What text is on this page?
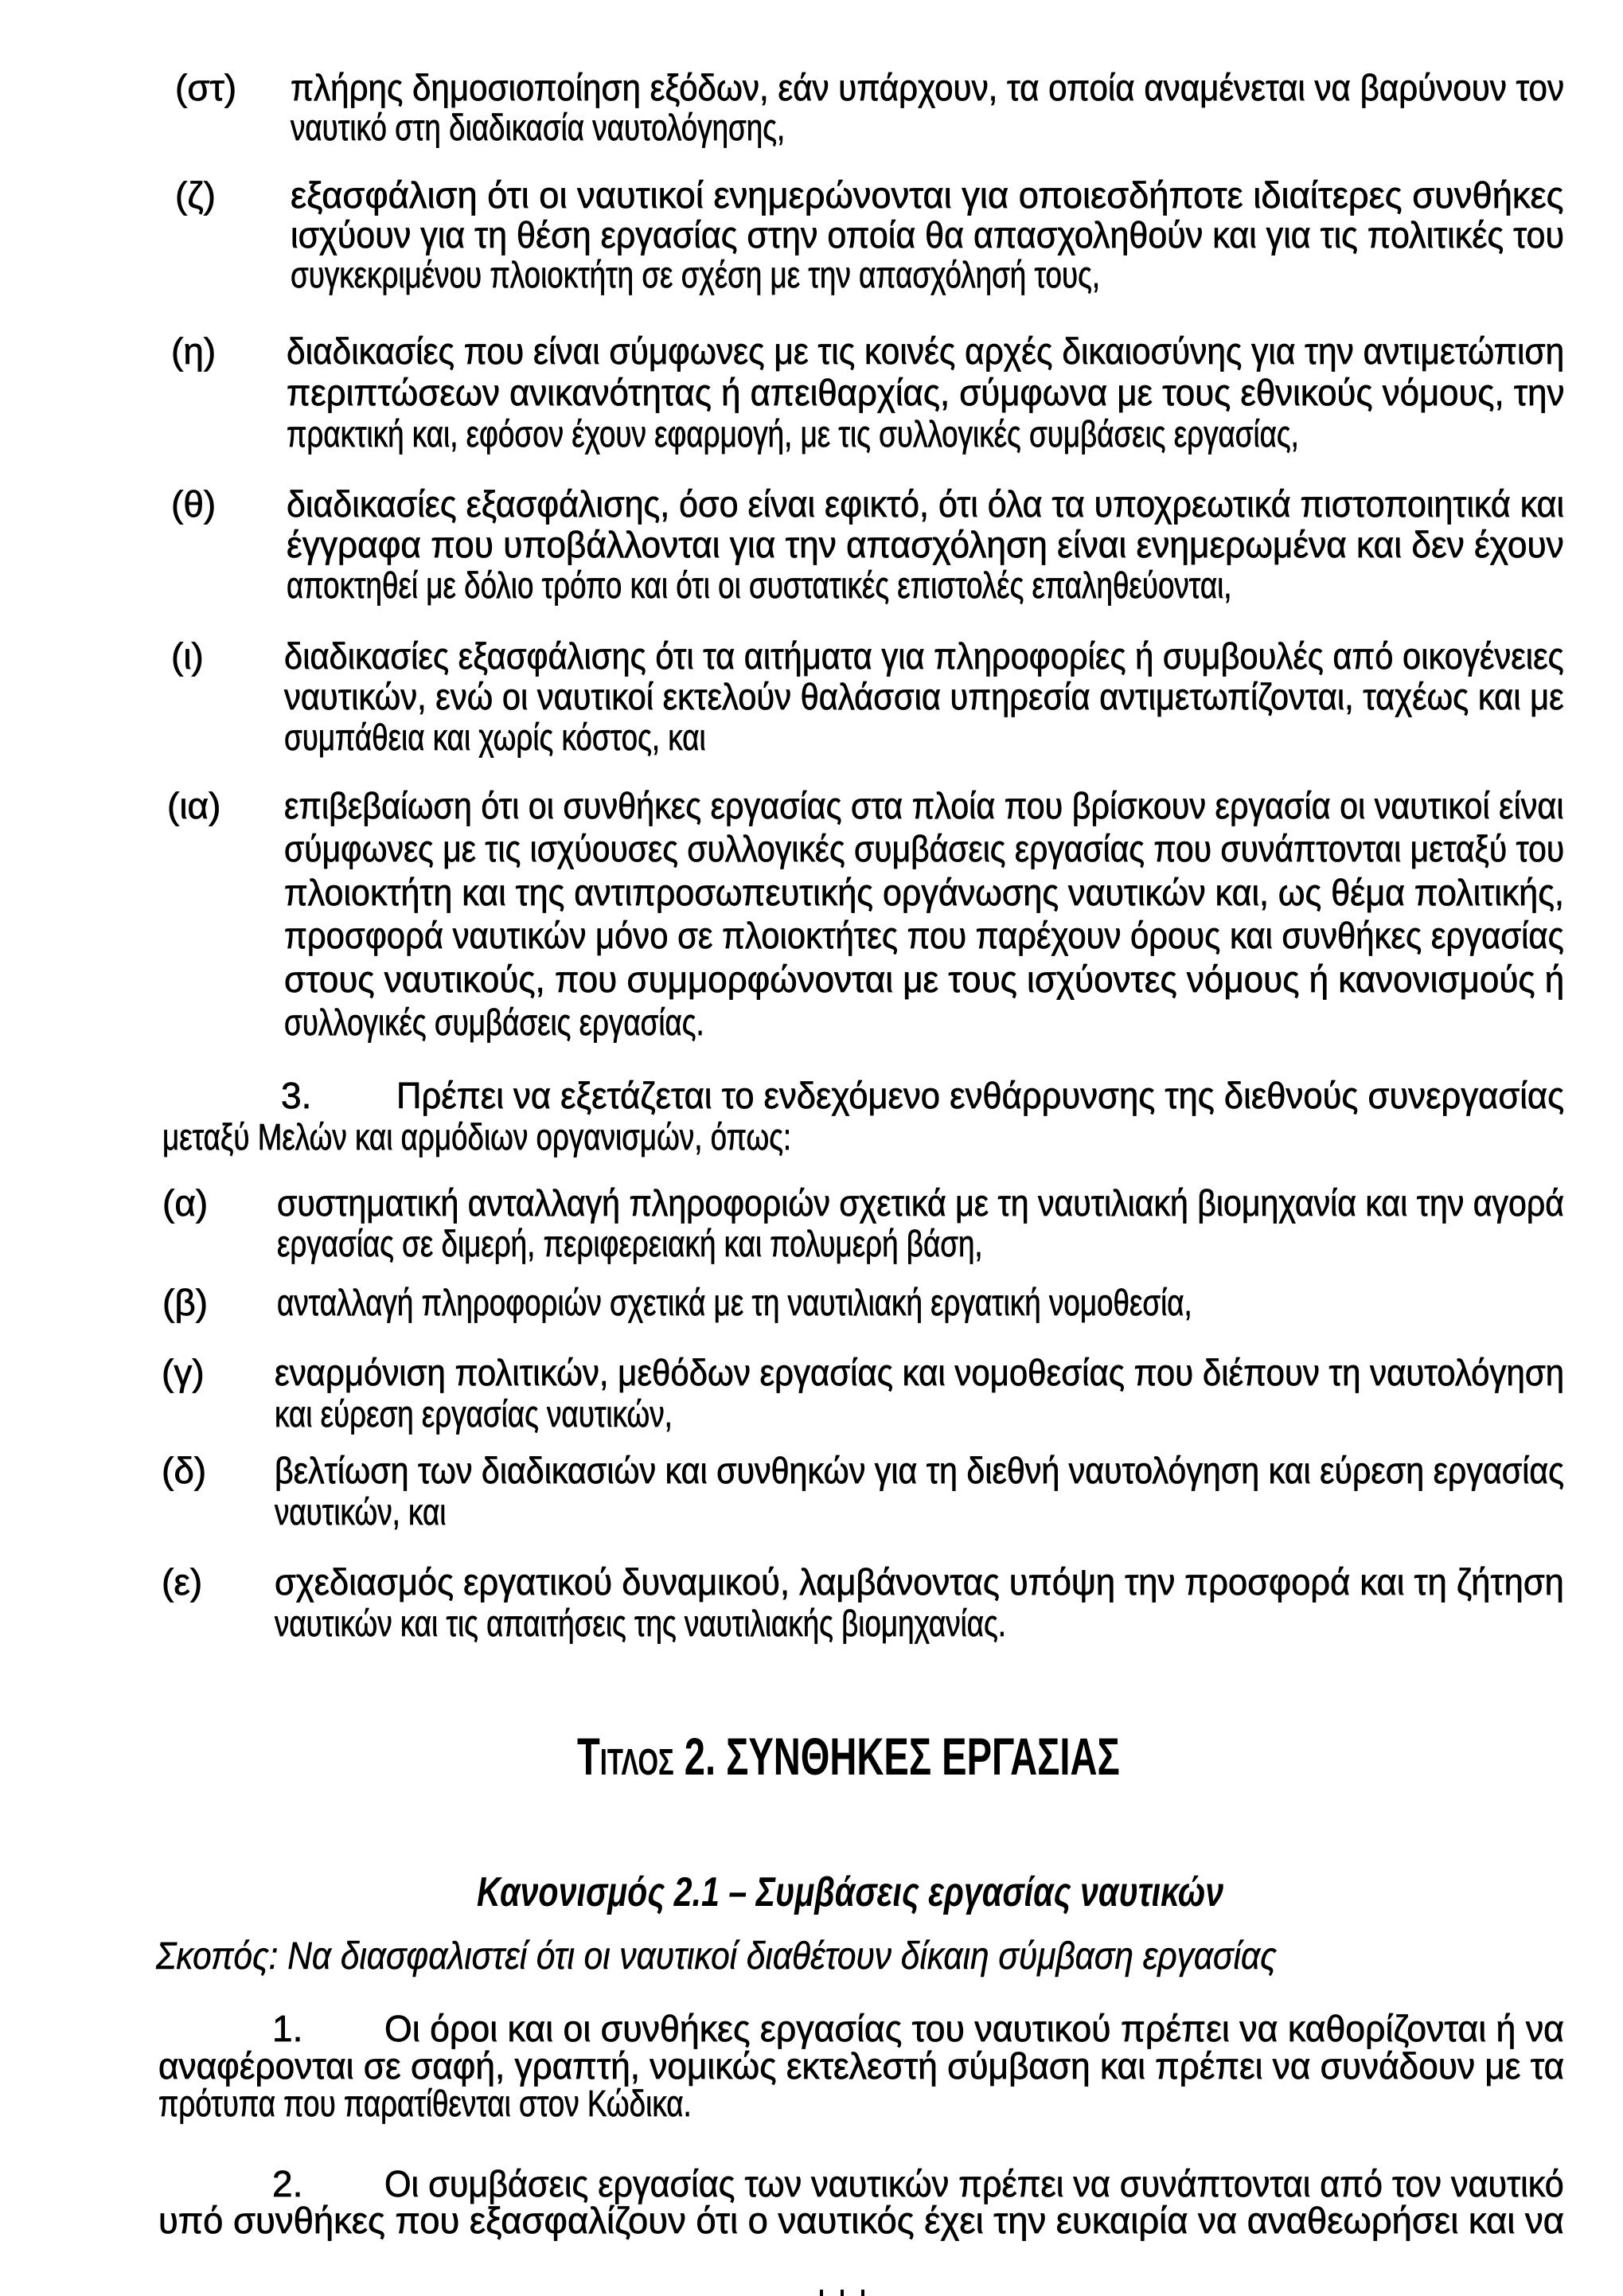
(στ) πλήρης δημοσιοποίηση εξόδων, εάν υπάρχουν, τα οποία αναμένεται να βαρύνουν τον
ναυτικό στη διαδικασία ναυτολόγησης,
(ζ) εξασφάλιση ότι οι ναυτικοί ενημερώνονται για οποιεσδήποτε ιδιαίτερες συνθήκες
ισχύουν για τη θέση εργασίας στην οποία θα απασχοληθούν και για τις πολιτικές του
συγκεκριμένου πλοιοκτήτη σε σχέση με την απασχόλησή τους,
(η) διαδικασίες που είναι σύμφωνες με τις κοινές αρχές δικαιοσύνης για την αντιμετώπιση
περιπτώσεων ανικανότητας ή απειθαρχίας, σύμφωνα με τους εθνικούς νόμους, την
πρακτική και, εφόσον έχουν εφαρμογή, με τις συλλογικές συμβάσεις εργασίας,
(θ) διαδικασίες εξασφάλισης, όσο είναι εφικτό, ότι όλα τα υποχρεωτικά πιστοποιητικά και
έγγραφα που υποβάλλονται για την απασχόληση είναι ενημερωμένα και δεν έχουν
αποκτηθεί με δόλιο τρόπο και ότι οι συστατικές επιστολές επαληθεύονται,
(ι) διαδικασίες εξασφάλισης ότι τα αιτήματα για πληροφορίες ή συμβουλές από οικογένειες
ναυτικών, ενώ οι ναυτικοί εκτελούν θαλάσσια υπηρεσία αντιμετωπίζονται, ταχέως και με
συμπάθεια και χωρίς κόστος, και
(ια) επιβεβαίωση ότι οι συνθήκες εργασίας στα πλοία που βρίσκουν εργασία οι ναυτικοί είναι
σύμφωνες με τις ισχύουσες συλλογικές συμβάσεις εργασίας που συνάπτονται μεταξύ του
πλοιοκτήτη και της αντιπροσωπευτικής οργάνωσης ναυτικών και, ως θέμα πολιτικής,
προσφορά ναυτικών μόνο σε πλοιοκτήτες που παρέχουν όρους και συνθήκες εργασίας
στους ναυτικούς, που συμμορφώνονται με τους ισχύοντες νόμους ή κανονισμούς ή
συλλογικές συμβάσεις εργασίας.
3. Πρέπει να εξετάζεται το ενδεχόμενο ενθάρρυνσης της διεθνούς συνεργασίας
μεταξύ Μελών και αρμόδιων οργανισμών, όπως:
(α) συστηματική ανταλλαγή πληροφοριών σχετικά με τη ναυτιλιακή βιομηχανία και την αγορά
εργασίας σε διμερή, περιφερειακή και πολυμερή βάση,
(β) ανταλλαγή πληροφοριών σχετικά με τη ναυτιλιακή εργατική νομοθεσία,
(γ) εναρμόνιση πολιτικών, μεθόδων εργασίας και νομοθεσίας που διέπουν τη ναυτολόγηση
και εύρεση εργασίας ναυτικών,
(δ) βελτίωση των διαδικασιών και συνθηκών για τη διεθνή ναυτολόγηση και εύρεση εργασίας
ναυτικών, και
(ε) σχεδιασμός εργατικού δυναμικού, λαμβάνοντας υπόψη την προσφορά και τη ζήτηση
ναυτικών και τις απαιτήσεις της ναυτιλιακής βιομηχανίας.
Τιτλος 2. ΣΥΝΘΗΚΕΣ ΕΡΓΑΣΙΑΣ
Κανονισμός 2.1 – Συμβάσεις εργασίας ναυτικών
Σκοπός: Να διασφαλιστεί ότι οι ναυτικοί διαθέτουν δίκαιη σύμβαση εργασίας
1. Οι όροι και οι συνθήκες εργασίας του ναυτικού πρέπει να καθορίζονται ή να
αναφέρονται σε σαφή, γραπτή, νομικώς εκτελεστή σύμβαση και πρέπει να συνάδουν με τα
πρότυπα που παρατίθενται στον Κώδικα.
2. Οι συμβάσεις εργασίας των ναυτικών πρέπει να συνάπτονται από τον ναυτικό
υπό συνθήκες που εξασφαλίζουν ότι ο ναυτικός έχει την ευκαιρία να αναθεωρήσει και να
